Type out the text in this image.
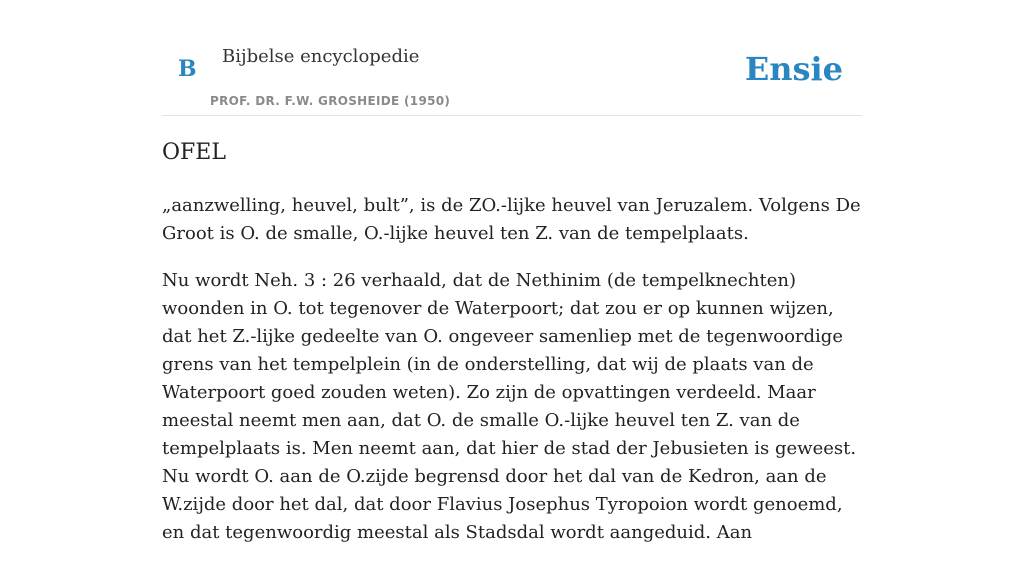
B Bijbelse encyclopedie
PROF. DR. F.W. GROSHEIDE (1950)
Ensie
OFEL

„aanzwelling, heuvel, bult”, is de ZO.-lijke heuvel van Jeruzalem. Volgens De Groot is O. de smalle, O.-lijke heuvel ten Z. van de tempelplaats.

Nu wordt Neh. 3 : 26 verhaald, dat de Nethinim (de tempelknechten) woonden in O. tot tegenover de Waterpoort; dat zou er op kunnen wijzen, dat het Z.-lijke gedeelte van O. ongeveer samenliep met de tegenwoordige grens van het tempelplein (in de onderstelling, dat wij de plaats van de Waterpoort goed zouden weten). Zo zijn de opvattingen verdeeld. Maar meestal neemt men aan, dat O. de smalle O.-lijke heuvel ten Z. van de tempelplaats is. Men neemt aan, dat hier de stad der Jebusieten is geweest. Nu wordt O. aan de O.zijde begrensd door het dal van de Kedron, aan de W.zijde door het dal, dat door Flavius Josephus Tyropoion wordt genoemd, en dat tegenwoordig meestal als Stadsdal wordt aangeduid. Aan
